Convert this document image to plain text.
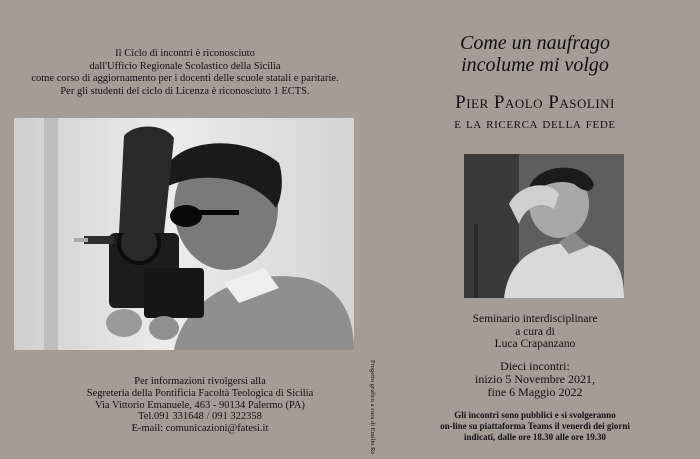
Il Ciclo di incontri è riconosciuto
dall'Ufficio Regionale Scolastico della Sicilia
come corso di aggiornamento per i docenti delle scuole statali e paritarie.
Per gli studenti del ciclo di Licenza è riconosciuto 1 ECTS.
Per informazioni rivolgersi alla
Segreteria della Pontificia Facoltà Teologica di Sicilia
Via Vittorio Emanuele, 463 - 90134 Palermo (PA)
Tel.091 331648 / 091 322358
E-mail: comunicazioni@fatesi.it	Progetto grafico a cura di Emilio Re
Come un naufrago
incolume mi volgo
Pier Paolo Pasolini
e la ricerca della fede
Seminario interdisciplinare
a cura di
Luca Crapanzano
Dieci incontri:
inizio 5 Novembre 2021,
fine 6 Maggio 2022
Gli incontri sono pubblici e si svolgeranno
on-line su piattaforma Teams il venerdì dei giorni
indicati, dalle ore 18.30 alle ore 19.30
